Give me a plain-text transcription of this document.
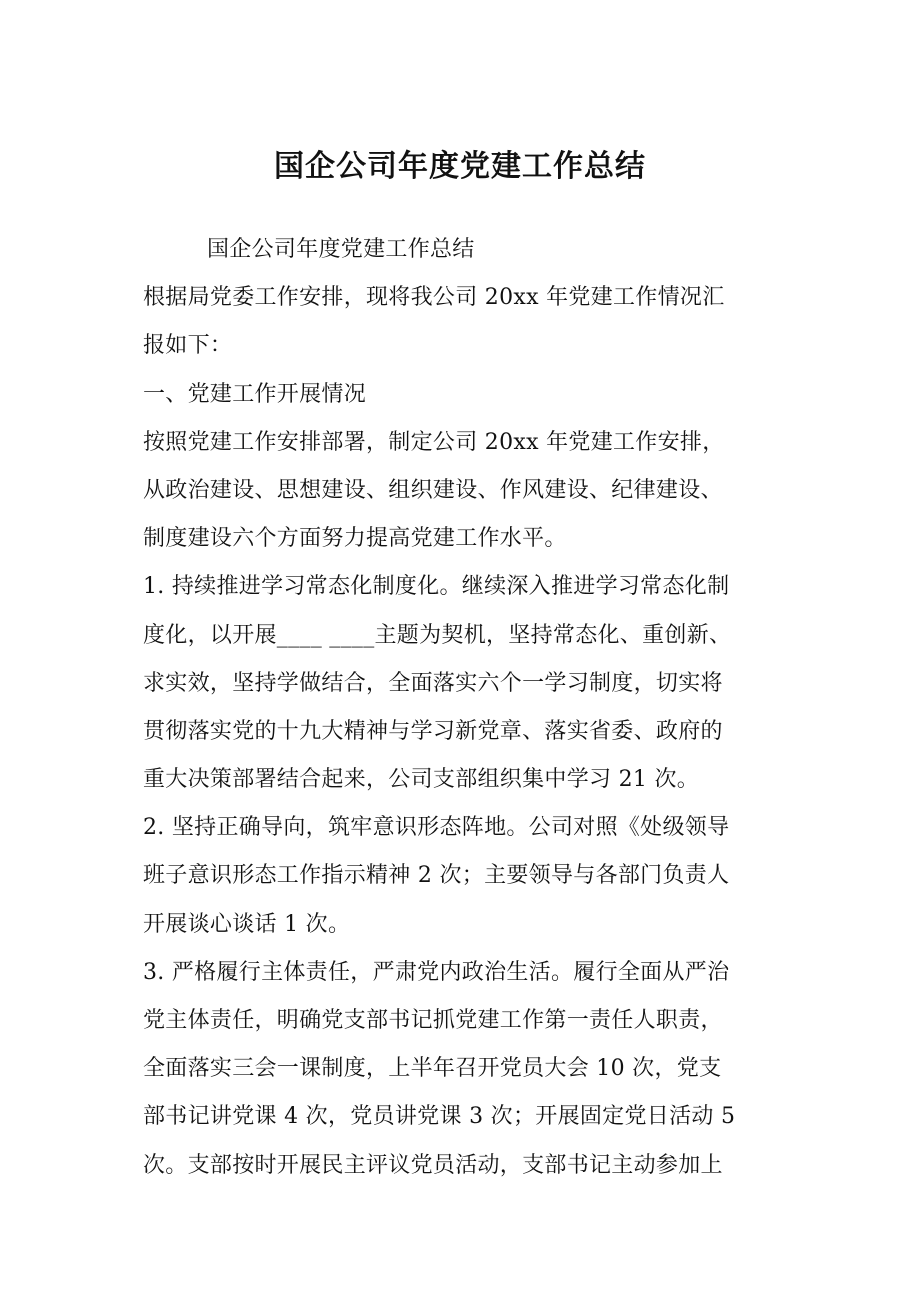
国企公司年度党建工作总结
国企公司年度党建工作总结
根据局党委工作安排，现将我公司 20xx 年党建工作情况汇
报如下：
一、党建工作开展情况
按照党建工作安排部署，制定公司 20xx 年党建工作安排，
从政治建设、思想建设、组织建设、作风建设、纪律建设、
制度建设六个方面努力提高党建工作水平。
1. 持续推进学习常态化制度化。继续深入推进学习常态化制
度化，以开展____ ____主题为契机，坚持常态化、重创新、
求实效，坚持学做结合，全面落实六个一学习制度，切实将
贯彻落实党的十九大精神与学习新党章、落实省委、政府的
重大决策部署结合起来，公司支部组织集中学习 21 次。
2. 坚持正确导向，筑牢意识形态阵地。公司对照《处级领导
班子意识形态工作指示精神 2 次；主要领导与各部门负责人
开展谈心谈话 1 次。
3. 严格履行主体责任，严肃党内政治生活。履行全面从严治
党主体责任，明确党支部书记抓党建工作第一责任人职责，
全面落实三会一课制度，上半年召开党员大会 10 次，党支
部书记讲党课 4 次，党员讲党课 3 次；开展固定党日活动 5
次。支部按时开展民主评议党员活动，支部书记主动参加上
